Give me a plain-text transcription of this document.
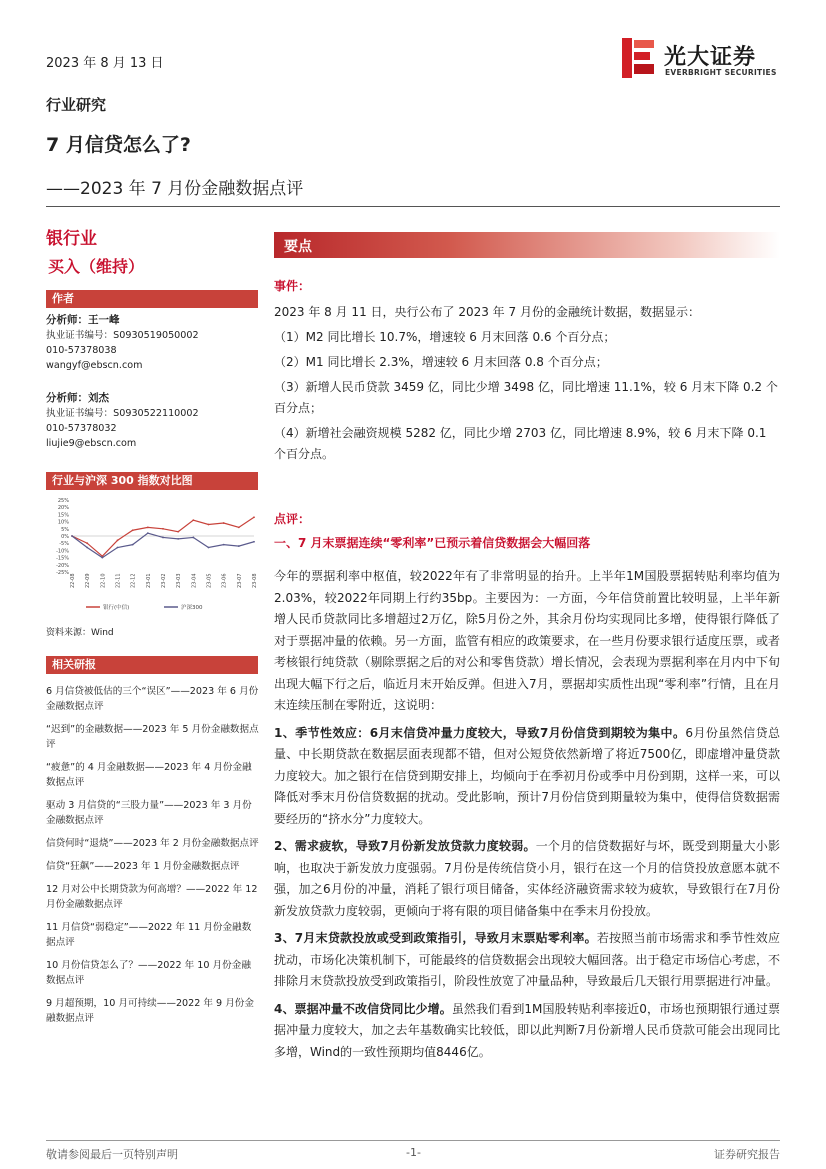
2023 年 8 月 13 日	光大证券
EVERBRIGHT SECURITIES
行业研究
7 月信贷怎么了?
——2023 年 7 月份金融数据点评
银行业
买入（维持）
作者
分析师：王一峰
执业证书编号：S0930519050002
010-57378038
wangyf@ebscn.com
分析师：刘杰
执业证书编号：S0930522110002
010-57378032
liujie9@ebscn.com
行业与沪深 300 指数对比图
25%
20%
15%
10%
5%
0%
-5%
-10%
-15%
-20%
-25%
22-08 22-09 22-10 22-11 22-12 23-01 23-02 23-03 23-04 23-05 23-06 23-07 23-08
银行(中信)	沪深300
资料来源：Wind
相关研报
6 月信贷被低估的三个“误区”——2023 年 6 月份金融数据点评
“迟到”的金融数据——2023 年 5 月份金融数据点评
“疲惫”的 4 月金融数据——2023 年 4 月份金融数据点评
驱动 3 月信贷的“三股力量”——2023 年 3 月份金融数据点评
信贷何时“退烧”——2023 年 2 月份金融数据点评
信贷“狂飙”——2023 年 1 月份金融数据点评
12 月对公中长期贷款为何高增？——2022 年 12 月份金融数据点评
11 月信贷“弱稳定”——2022 年 11 月份金融数据点评
10 月份信贷怎么了？——2022 年 10 月份金融数据点评
9 月超预期，10 月可持续——2022 年 9 月份金融数据点评
要点
事件：
2023 年 8 月 11 日，央行公布了 2023 年 7 月份的金融统计数据，数据显示：
（1）M2 同比增长 10.7%，增速较 6 月末回落 0.6 个百分点；
（2）M1 同比增长 2.3%，增速较 6 月末回落 0.8 个百分点；
（3）新增人民币贷款 3459 亿，同比少增 3498 亿，同比增速 11.1%，较 6 月末下降 0.2 个百分点；
（4）新增社会融资规模 5282 亿，同比少增 2703 亿，同比增速 8.9%，较 6 月末下降 0.1 个百分点。
点评：
一、7 月末票据连续“零利率”已预示着信贷数据会大幅回落
今年的票据利率中枢值，较2022年有了非常明显的抬升。上半年1M国股票据转贴利率均值为2.03%，较2022年同期上行约35bp。主要因为：一方面，今年信贷前置比较明显，上半年新增人民币贷款同比多增超过2万亿，除5月份之外，其余月份均实现同比多增，使得银行降低了对于票据冲量的依赖。另一方面，监管有相应的政策要求，在一些月份要求银行适度压票，或者考核银行纯贷款（剔除票据之后的对公和零售贷款）增长情况，会表现为票据利率在月内中下旬出现大幅下行之后，临近月末开始反弹。但进入7月，票据却实质性出现“零利率”行情，且在月末连续压制在零附近，这说明：
1、季节性效应：6月末信贷冲量力度较大，导致7月份信贷到期较为集中。6月份虽然信贷总量、中长期贷款在数据层面表现都不错，但对公短贷依然新增了将近7500亿，即虚增冲量贷款力度较大。加之银行在信贷到期安排上，均倾向于在季初月份或季中月份到期，这样一来，可以降低对季末月份信贷数据的扰动。受此影响，预计7月份信贷到期量较为集中，使得信贷数据需要经历的“挤水分”力度较大。
2、需求疲软，导致7月份新发放贷款力度较弱。一个月的信贷数据好与坏，既受到期量大小影响，也取决于新发放力度强弱。7月份是传统信贷小月，银行在这一个月的信贷投放意愿本就不强，加之6月份的冲量，消耗了银行项目储备，实体经济融资需求较为疲软，导致银行在7月份新发放贷款力度较弱，更倾向于将有限的项目储备集中在季末月份投放。
3、7月末贷款投放或受到政策指引，导致月末票贴零利率。若按照当前市场需求和季节性效应扰动，市场化决策机制下，可能最终的信贷数据会出现较大幅回落。出于稳定市场信心考虑，不排除月末贷款投放受到政策指引，阶段性放宽了冲量品种，导致最后几天银行用票据进行冲量。
4、票据冲量不改信贷同比少增。虽然我们看到1M国股转贴利率接近0，市场也预期银行通过票据冲量力度较大，加之去年基数确实比较低，即以此判断7月份新增人民币贷款可能会出现同比多增，Wind的一致性预期均值8446亿。
敬请参阅最后一页特别声明	-1-	证券研究报告
